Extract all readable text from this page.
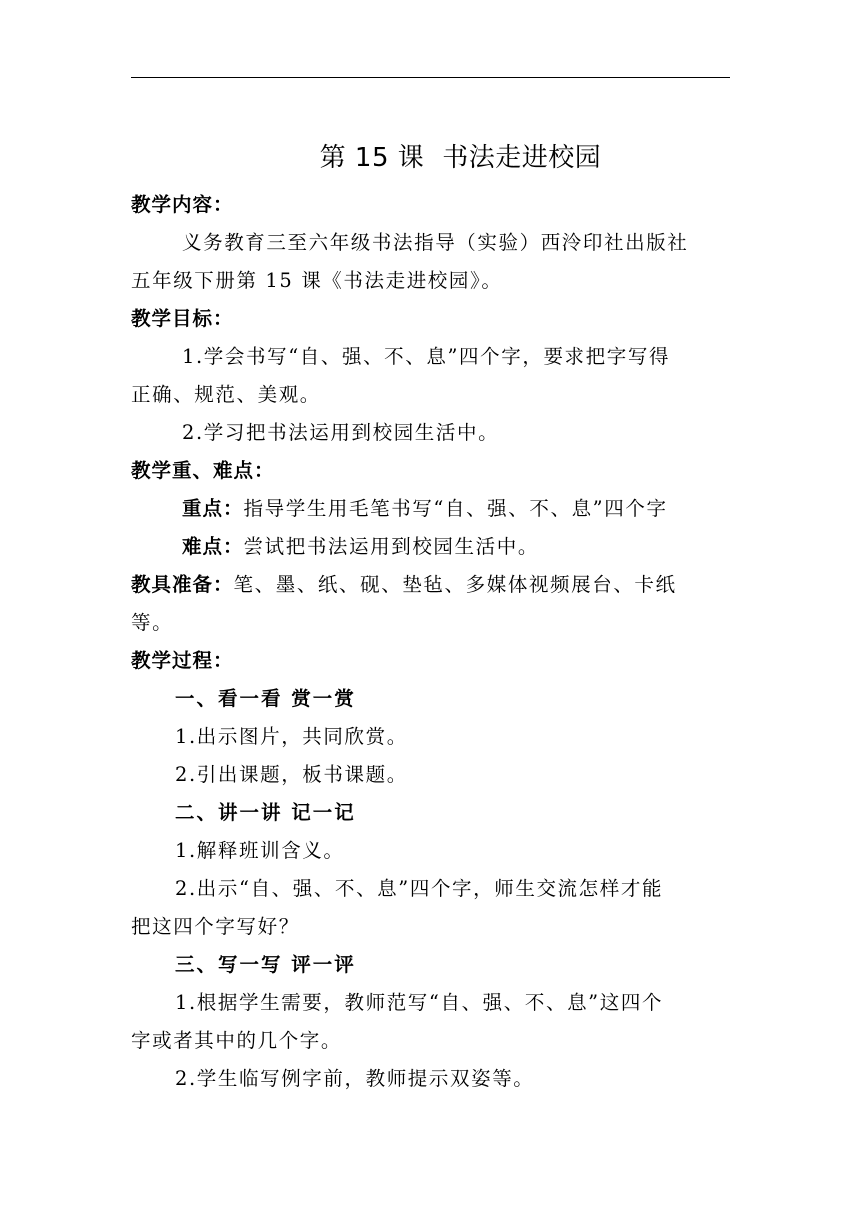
第 15 课 书法走进校园
教学内容：
义务教育三至六年级书法指导（实验）西泠印社出版社
五年级下册第 15 课《书法走进校园》。
教学目标：
1.学会书写“自、强、不、息”四个字，要求把字写得
正确、规范、美观。
2.学习把书法运用到校园生活中。
教学重、难点：
重点：指导学生用毛笔书写“自、强、不、息”四个字
难点：尝试把书法运用到校园生活中。
教具准备：笔、墨、纸、砚、垫毡、多媒体视频展台、卡纸
等。
教学过程：
一、看一看 赏一赏
1.出示图片，共同欣赏。
2.引出课题，板书课题。
二、讲一讲 记一记
1.解释班训含义。
2.出示“自、强、不、息”四个字，师生交流怎样才能
把这四个字写好？
三、写一写 评一评
1.根据学生需要，教师范写“自、强、不、息”这四个
字或者其中的几个字。
2.学生临写例字前，教师提示双姿等。
